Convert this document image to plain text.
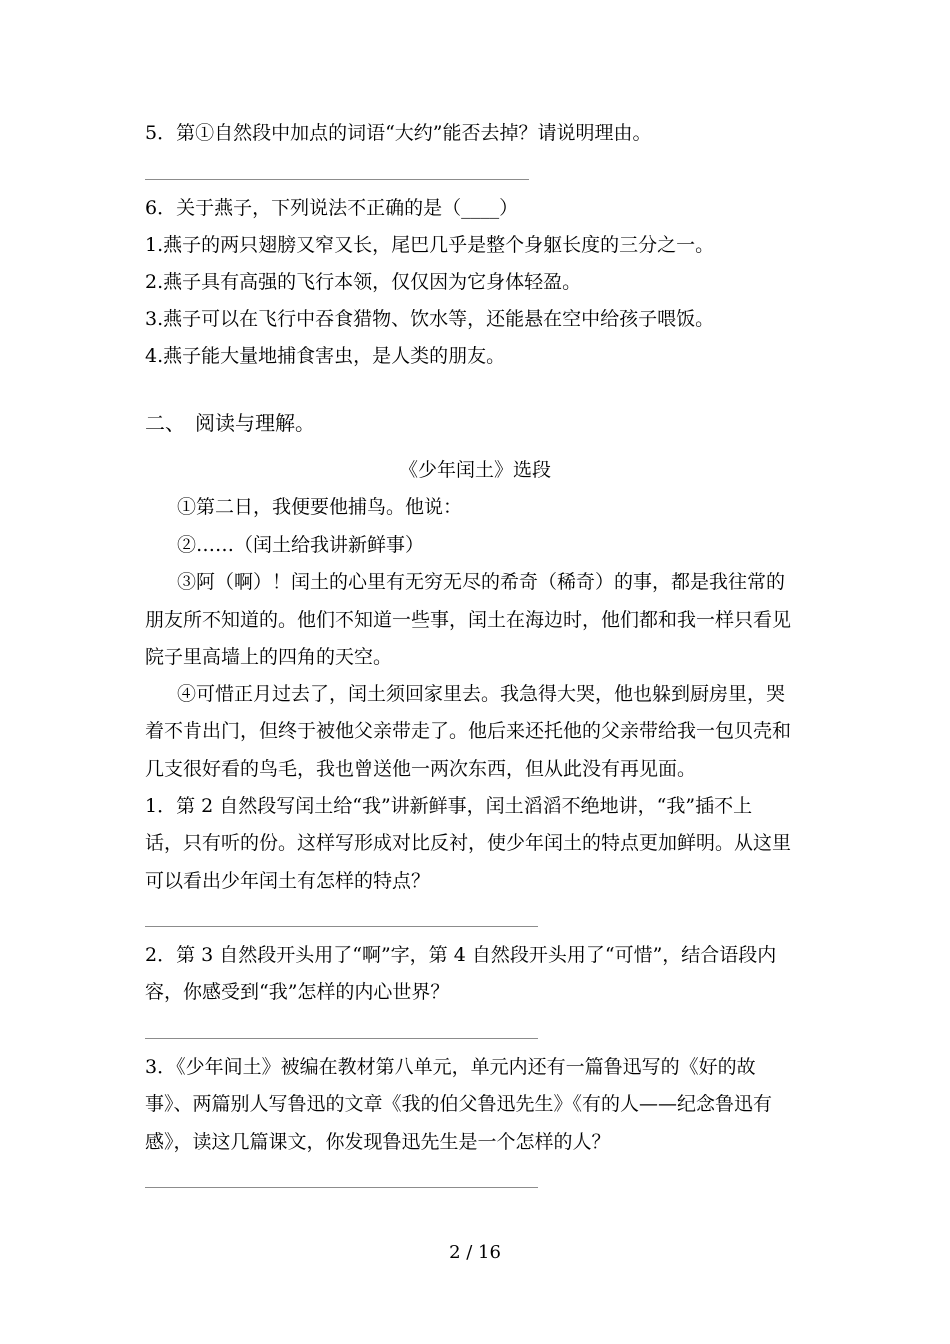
5．第①自然段中加点的词语“大约”能否去掉？请说明理由。
6．关于燕子，下列说法不正确的是（____）
1.燕子的两只翅膀又窄又长，尾巴几乎是整个身躯长度的三分之一。
2.燕子具有高强的飞行本领，仅仅因为它身体轻盈。
3.燕子可以在飞行中吞食猎物、饮水等，还能悬在空中给孩子喂饭。
4.燕子能大量地捕食害虫，是人类的朋友。
二、　阅读与理解。
《少年闰土》选段
①第二日，我便要他捕鸟。他说：
②……（闰土给我讲新鲜事）
③阿（啊）！闰土的心里有无穷无尽的希奇（稀奇）的事，都是我往常的
朋友所不知道的。他们不知道一些事，闰土在海边时，他们都和我一样只看见
院子里高墙上的四角的天空。
④可惜正月过去了，闰土须回家里去。我急得大哭，他也躲到厨房里，哭
着不肯出门，但终于被他父亲带走了。他后来还托他的父亲带给我一包贝壳和
几支很好看的鸟毛，我也曾送他一两次东西，但从此没有再见面。
1．第 2 自然段写闰土给“我”讲新鲜事，闰土滔滔不绝地讲，“我”插不上
话，只有听的份。这样写形成对比反衬，使少年闰土的特点更加鲜明。从这里
可以看出少年闰土有怎样的特点？
2．第 3 自然段开头用了“啊”字，第 4 自然段开头用了“可惜”，结合语段内
容，你感受到“我”怎样的内心世界？
3．《少年间土》被编在教材第八单元，单元内还有一篇鲁迅写的《好的故
事》、两篇别人写鲁迅的文章《我的伯父鲁迅先生》《有的人——纪念鲁迅有
感》，读这几篇课文，你发现鲁迅先生是一个怎样的人？
2 / 16
